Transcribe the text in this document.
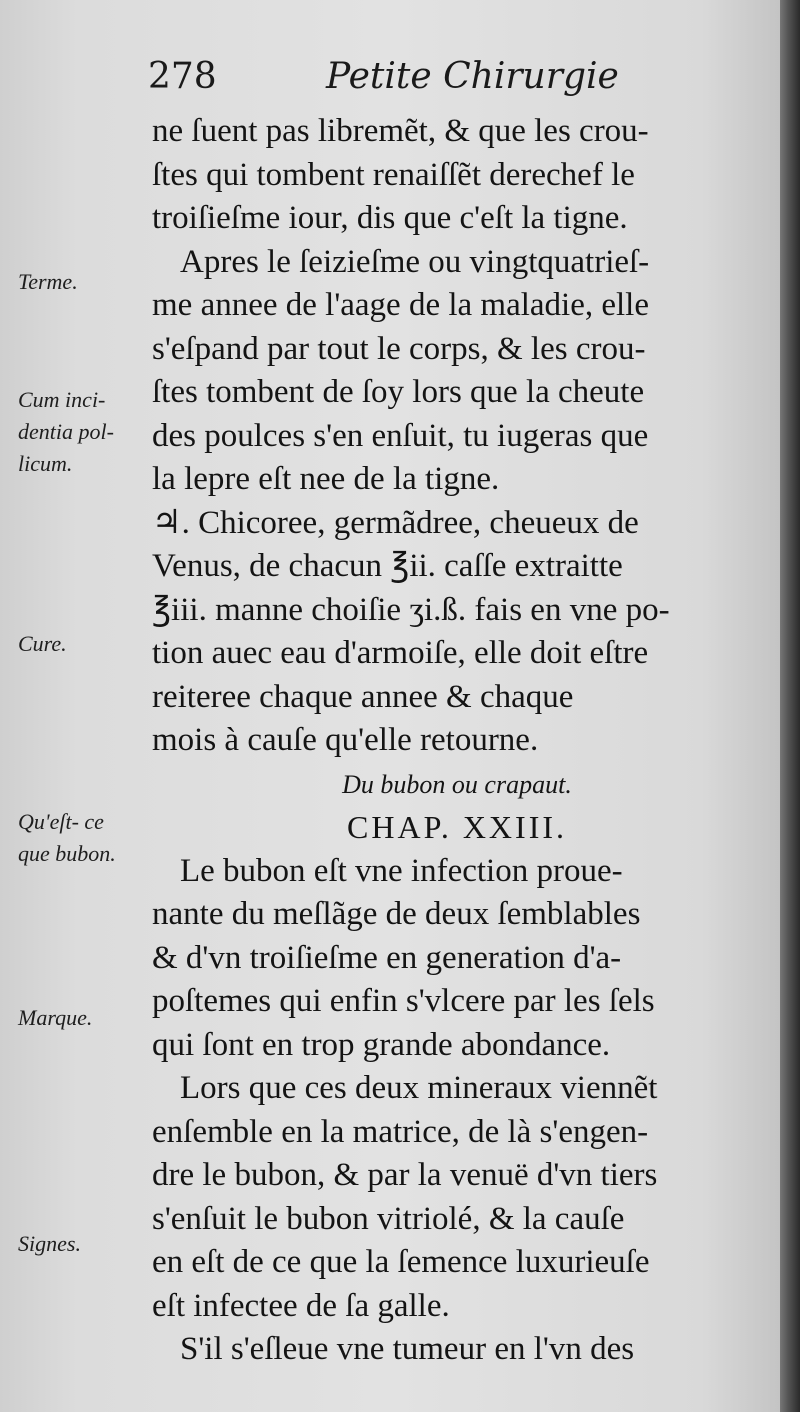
278	Petite Chirurgie
ne ſuent pas libremẽt, & que les crou-
ſtes qui tombent renaiſſẽt derechef le
troiſieſme iour, dis que c'eſt la tigne.
Apres le ſeizieſme ou vingtquatrieſ-
me annee de l'aage de la maladie, elle
s'eſpand par tout le corps, & les crou-
ſtes tombent de ſoy lors que la cheute
des poulces s'en enſuit, tu iugeras que
la lepre eſt nee de la tigne.
♃. Chicoree, germãdree, cheueux de
Venus, de chacun ℥ii. caſſe extraitte
℥iii. manne choiſie ʒi.ß. fais en vne po-
tion auec eau d'armoiſe, elle doit eſtre
reiteree chaque annee & chaque
mois à cauſe qu'elle retourne.
Du bubon ou crapaut.
CHAP. XXIII.
Le bubon eſt vne infection proue-
nante du meſlãge de deux ſemblables
& d'vn troiſieſme en generation d'a-
poſtemes qui enfin s'vlcere par les ſels
qui ſont en trop grande abondance.
Lors que ces deux mineraux viennẽt
enſemble en la matrice, de là s'engen-
dre le bubon, & par la venuë d'vn tiers
s'enſuit le bubon vitriolé, & la cauſe
en eſt de ce que la ſemence luxurieuſe
eſt infectee de ſa galle.
S'il s'eſleue vne tumeur en l'vn des
Terme.
Cum inci-
dentia pol-
licum.
Cure.
Qu'eſt- ce
que bubon.
Marque.
Signes.
